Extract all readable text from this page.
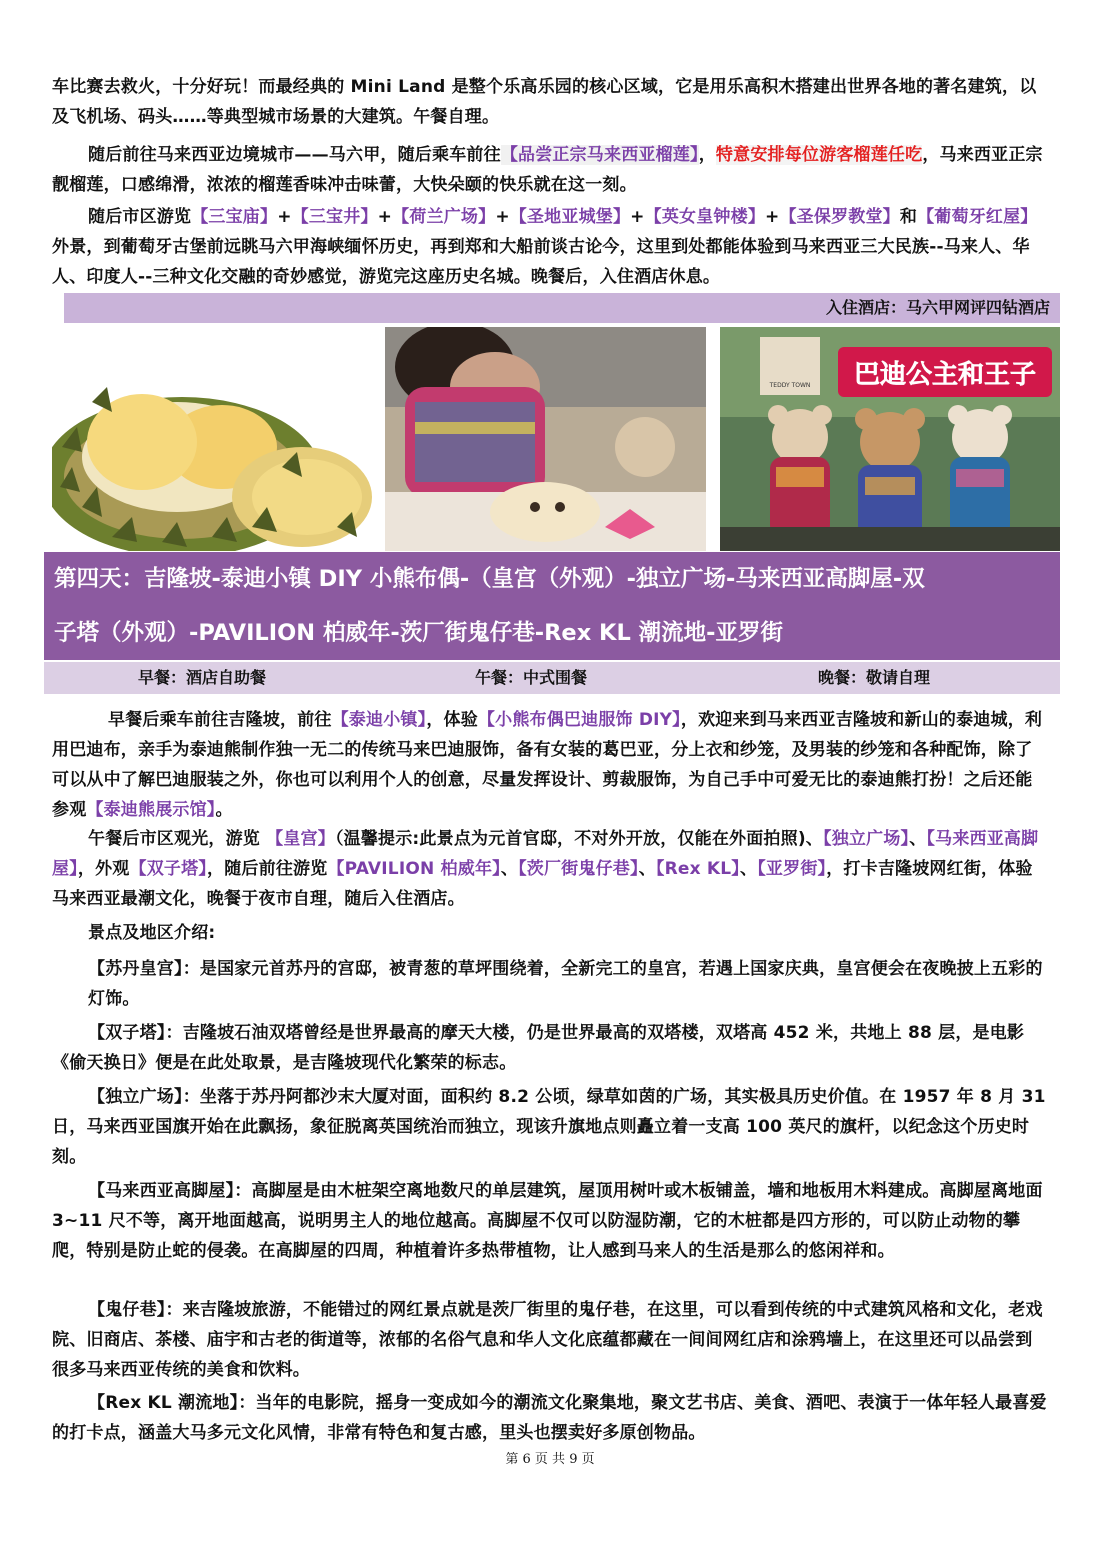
车比赛去救火，十分好玩！而最经典的 Mini Land 是整个乐高乐园的核心区域，它是用乐高积木搭建出世界各地的著名建筑，以及飞机场、码头……等典型城市场景的大建筑。午餐自理。

随后前往马来西亚边境城市——马六甲，随后乘车前往【品尝正宗马来西亚榴莲】，特意安排每位游客榴莲任吃，马来西亚正宗靓榴莲，口感绵滑，浓浓的榴莲香味冲击味蕾，大快朵颐的快乐就在这一刻。

随后市区游览【三宝庙】+【三宝井】+【荷兰广场】+【圣地亚城堡】+【英女皇钟楼】+【圣保罗教堂】和【葡萄牙红屋】外景，到葡萄牙古堡前远眺马六甲海峡缅怀历史，再到郑和大船前谈古论今，这里到处都能体验到马来西亚三大民族--马来人、华人、印度人--三种文化交融的奇妙感觉，游览完这座历史名城。晚餐后，入住酒店休息。

入住酒店：马六甲网评四钻酒店
巴迪公主和王子
TEDDY TOWN
第四天：吉隆坡-泰迪小镇 DIY 小熊布偶-（皇宫（外观）-独立广场-马来西亚高脚屋-双
子塔（外观）-PAVILION 柏威年-茨厂街鬼仔巷-Rex KL 潮流地-亚罗街
早餐：酒店自助餐	午餐：中式围餐	晚餐：敬请自理

早餐后乘车前往吉隆坡，前往【泰迪小镇】，体验【小熊布偶巴迪服饰 DIY】，欢迎来到马来西亚吉隆坡和新山的泰迪城，利用巴迪布，亲手为泰迪熊制作独一无二的传统马来巴迪服饰，备有女装的葛巴亚，分上衣和纱笼，及男装的纱笼和各种配饰，除了可以从中了解巴迪服装之外，你也可以利用个人的创意，尽量发挥设计、剪裁服饰，为自己手中可爱无比的泰迪熊打扮！之后还能参观【泰迪熊展示馆】。

午餐后市区观光，游览 【皇宫】（温馨提示:此景点为元首官邸，不对外开放，仅能在外面拍照)、【独立广场】、【马来西亚高脚屋】，外观【双子塔】，随后前往游览【PAVILION 柏威年】、【茨厂街鬼仔巷】、【Rex KL】、【亚罗街】，打卡吉隆坡网红街，体验马来西亚最潮文化，晚餐于夜市自理，随后入住酒店。

景点及地区介绍:

【苏丹皇宫】：是国家元首苏丹的宫邸，被青葱的草坪围绕着，全新完工的皇宫，若遇上国家庆典，皇宫便会在夜晚披上五彩的灯饰。

【双子塔】：吉隆坡石油双塔曾经是世界最高的摩天大楼，仍是世界最高的双塔楼，双塔高 452 米，共地上 88 层，是电影《偷天换日》便是在此处取景，是吉隆坡现代化繁荣的标志。

【独立广场】：坐落于苏丹阿都沙末大厦对面，面积约 8.2 公顷，绿草如茵的广场，其实极具历史价值。在 1957 年 8 月 31 日，马来西亚国旗开始在此飘扬，象征脱离英国统治而独立，现该升旗地点则矗立着一支高 100 英尺的旗杆，以纪念这个历史时刻。

【马来西亚高脚屋】：高脚屋是由木桩架空离地数尺的单层建筑，屋顶用树叶或木板铺盖，墙和地板用木料建成。高脚屋离地面 3~11 尺不等，离开地面越高，说明男主人的地位越高。高脚屋不仅可以防湿防潮，它的木桩都是四方形的，可以防止动物的攀爬，特别是防止蛇的侵袭。在高脚屋的四周，种植着许多热带植物，让人感到马来人的生活是那么的悠闲祥和。

【鬼仔巷】：来吉隆坡旅游，不能错过的网红景点就是茨厂街里的鬼仔巷，在这里，可以看到传统的中式建筑风格和文化，老戏院、旧商店、茶楼、庙宇和古老的街道等，浓郁的名俗气息和华人文化底蕴都藏在一间间网红店和涂鸦墙上，在这里还可以品尝到很多马来西亚传统的美食和饮料。

【Rex KL 潮流地】：当年的电影院，摇身一变成如今的潮流文化聚集地，聚文艺书店、美食、酒吧、表演于一体年轻人最喜爱的打卡点，涵盖大马多元文化风情，非常有特色和复古感，里头也摆卖好多原创物品。

第 6 页 共 9 页
